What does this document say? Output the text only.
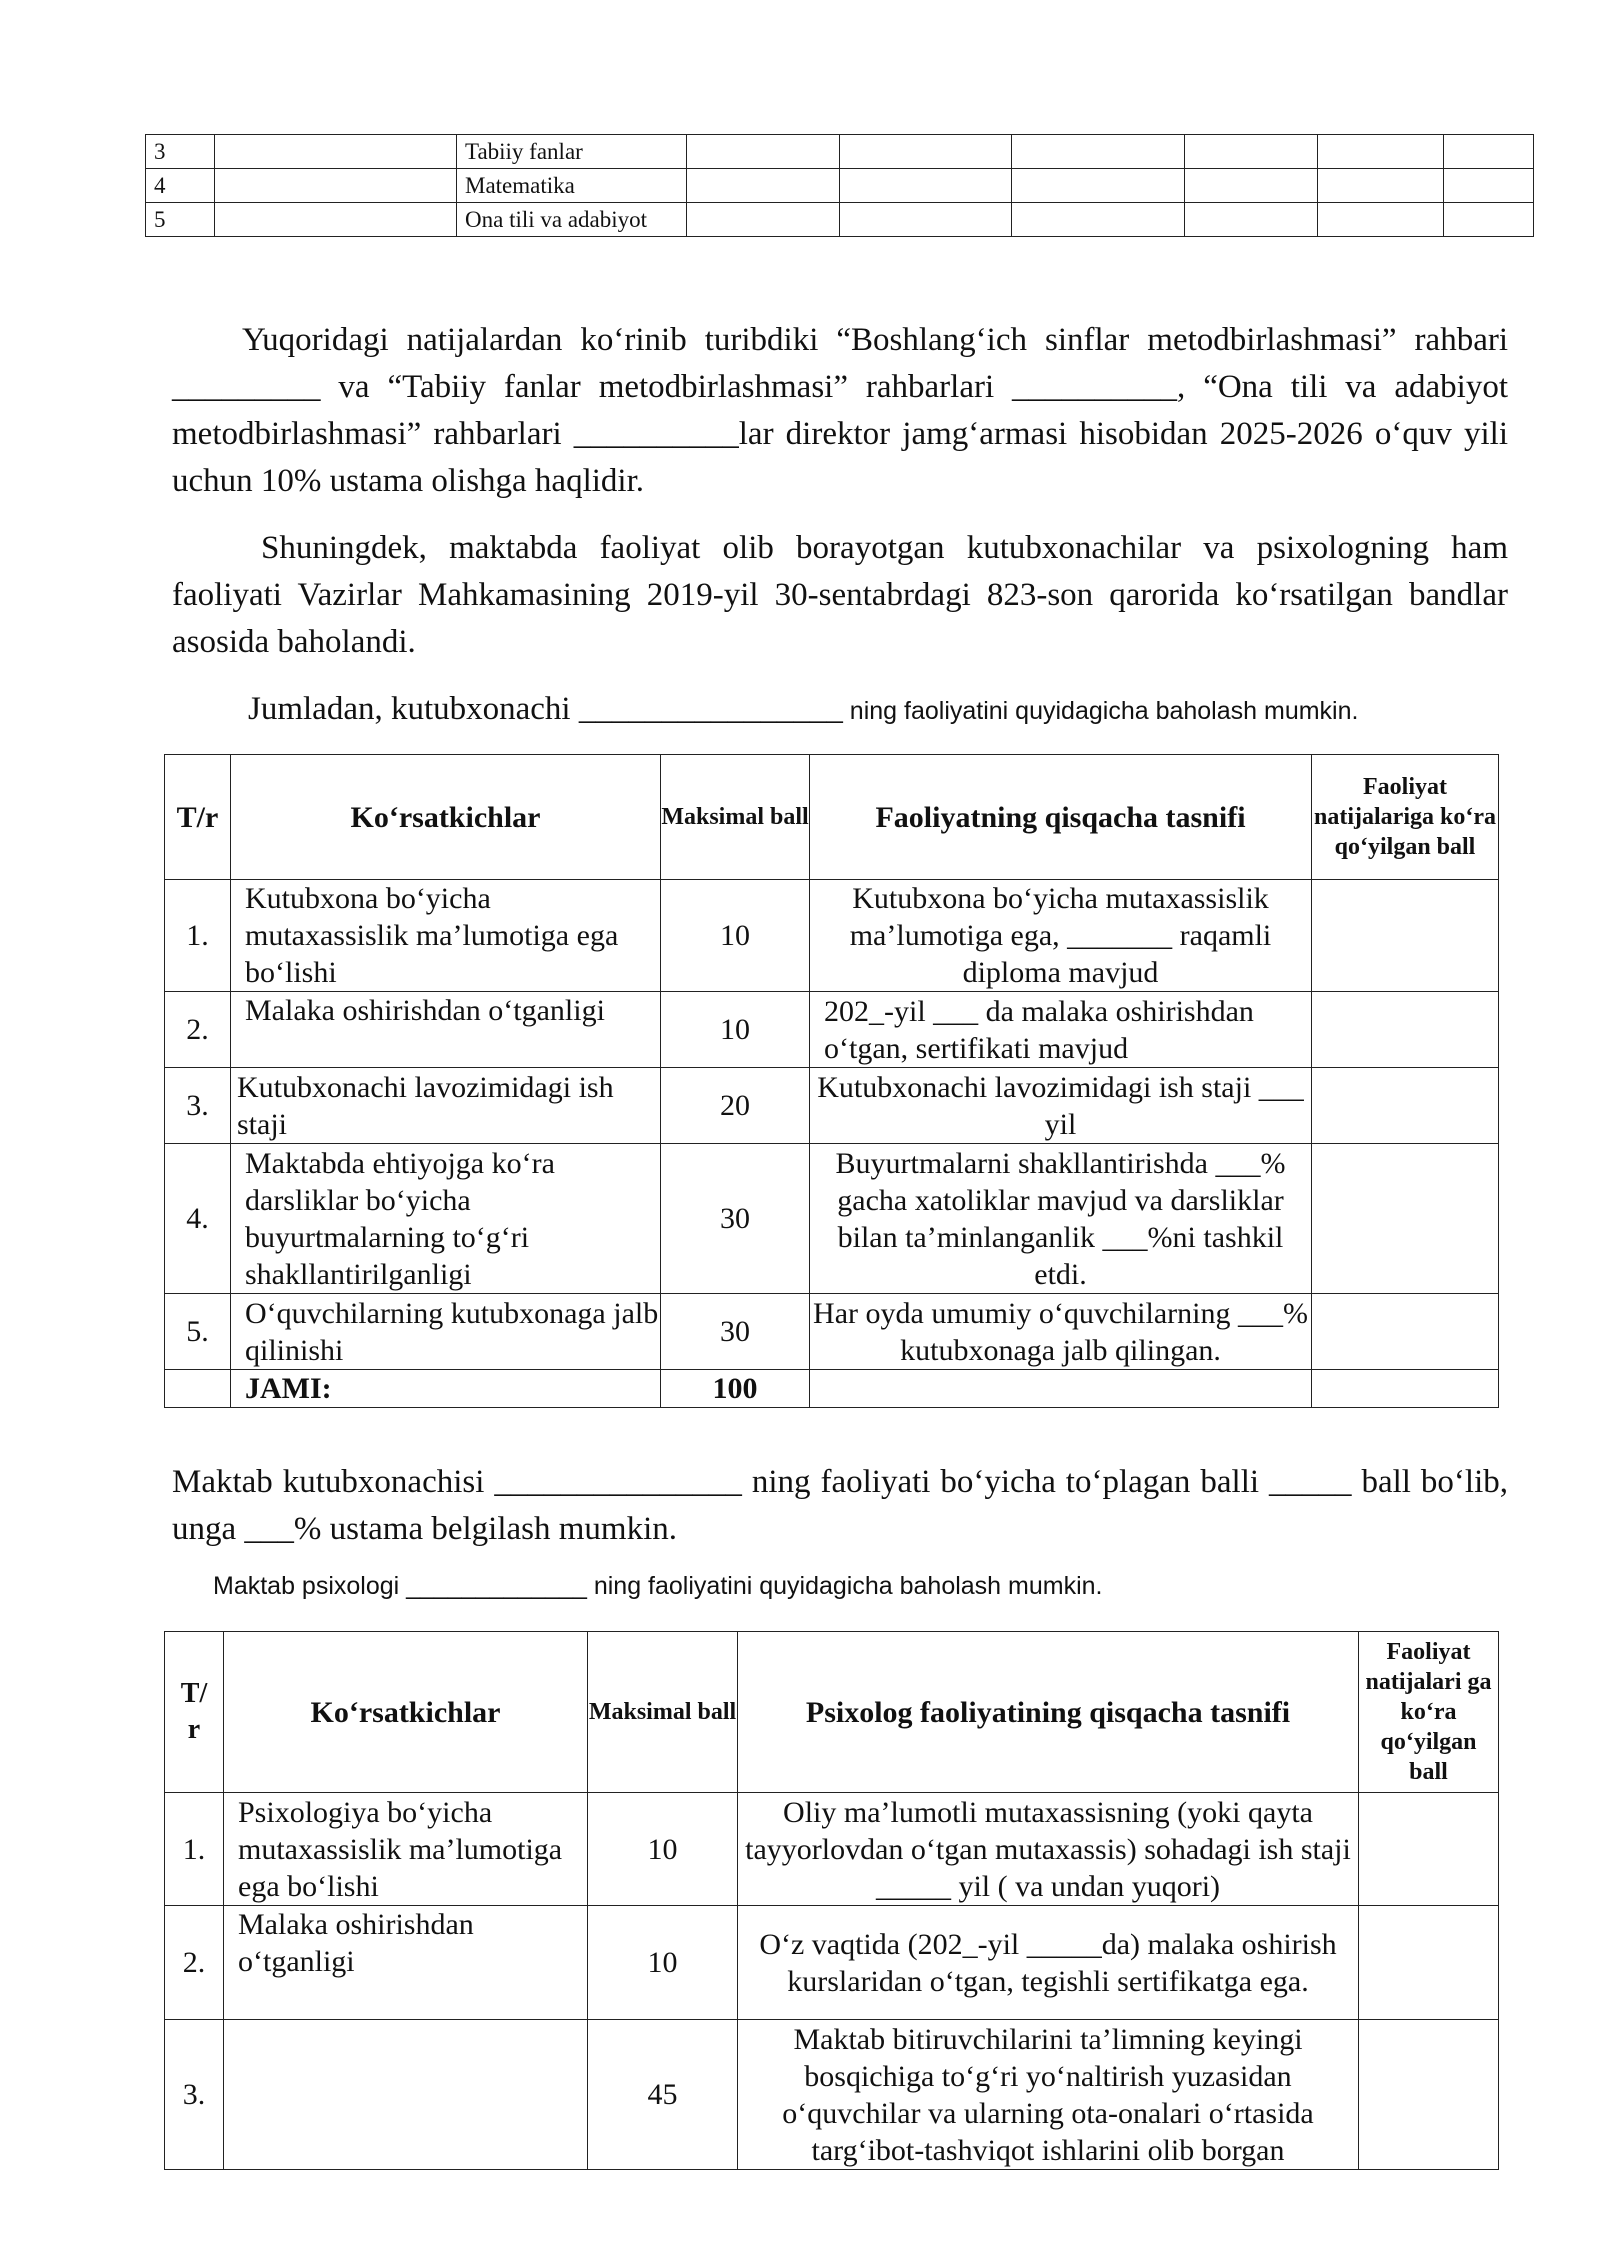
3		Tabiiy fanlar						
4		Matematika						
5		Ona tili va adabiyot						

Yuqoridagi natijalardan ko‘rinib turibdiki “Boshlang‘ich sinflar metodbirlashmasi” rahbari _________ va “Tabiiy fanlar metodbirlashmasi” rahbarlari __________, “Ona tili va adabiyot metodbirlashmasi” rahbarlari __________lar direktor jamg‘armasi hisobidan 2025-2026 o‘quv yili uchun 10% ustama olishga haqlidir.

Shuningdek, maktabda faoliyat olib borayotgan kutubxonachilar va psixologning ham faoliyati Vazirlar Mahkamasining 2019-yil 30-sentabrdagi 823-son qarorida ko‘rsatilgan bandlar asosida baholandi.

Jumladan, kutubxonachi ________________ ning faoliyatini quyidagicha baholash mumkin.

T/r	Ko‘rsatkichlar	Maksimal ball	Faoliyatning qisqacha tasnifi	Faoliyat natijalariga ko‘ra qo‘yilgan ball
1.	Kutubxona bo‘yicha mutaxassislik ma’lumotiga ega bo‘lishi	10	Kutubxona bo‘yicha mutaxassislik ma’lumotiga ega, _______ raqamli diploma mavjud	
2.	Malaka oshirishdan o‘tganligi	10	202_-yil ___ da malaka oshirishdan o‘tgan, sertifikati mavjud	
3.	Kutubxonachi lavozimidagi ish staji	20	Kutubxonachi lavozimidagi ish staji ___ yil	
4.	Maktabda ehtiyojga ko‘ra darsliklar bo‘yicha buyurtmalarning to‘g‘ri shakllantirilganligi	30	Buyurtmalarni shakllantirishda ___% gacha xatoliklar mavjud va darsliklar bilan ta’minlanganlik ___%ni tashkil etdi.	
5.	O‘quvchilarning kutubxonaga jalb qilinishi	30	Har oyda umumiy o‘quvchilarning ___% kutubxonaga jalb qilingan.	
	JAMI:	100		

Maktab kutubxonachisi _______________ ning faoliyati bo‘yicha to‘plagan balli _____ ball bo‘lib, unga ___% ustama belgilash mumkin.

Maktab psixologi _____________ ning faoliyatini quyidagicha baholash mumkin.

T/r	Ko‘rsatkichlar	Maksimal ball	Psixolog faoliyatining qisqacha tasnifi	Faoliyat natijalari ga ko‘ra qo‘yilgan ball
1.	Psixologiya bo‘yicha mutaxassislik ma’lumotiga ega bo‘lishi	10	Oliy ma’lumotli mutaxassisning (yoki qayta tayyorlovdan o‘tgan mutaxassis) sohadagi ish staji _____ yil ( va undan yuqori)	
2.	Malaka oshirishdan o‘tganligi	10	O‘z vaqtida (202_-yil _____da) malaka oshirish kurslaridan o‘tgan, tegishli sertifikatga ega.	
3.		45	Maktab bitiruvchilarini ta’limning keyingi bosqichiga to‘g‘ri yo‘naltirish yuzasidan o‘quvchilar va ularning ota-onalari o‘rtasida targ‘ibot-tashviqot ishlarini olib borgan	
